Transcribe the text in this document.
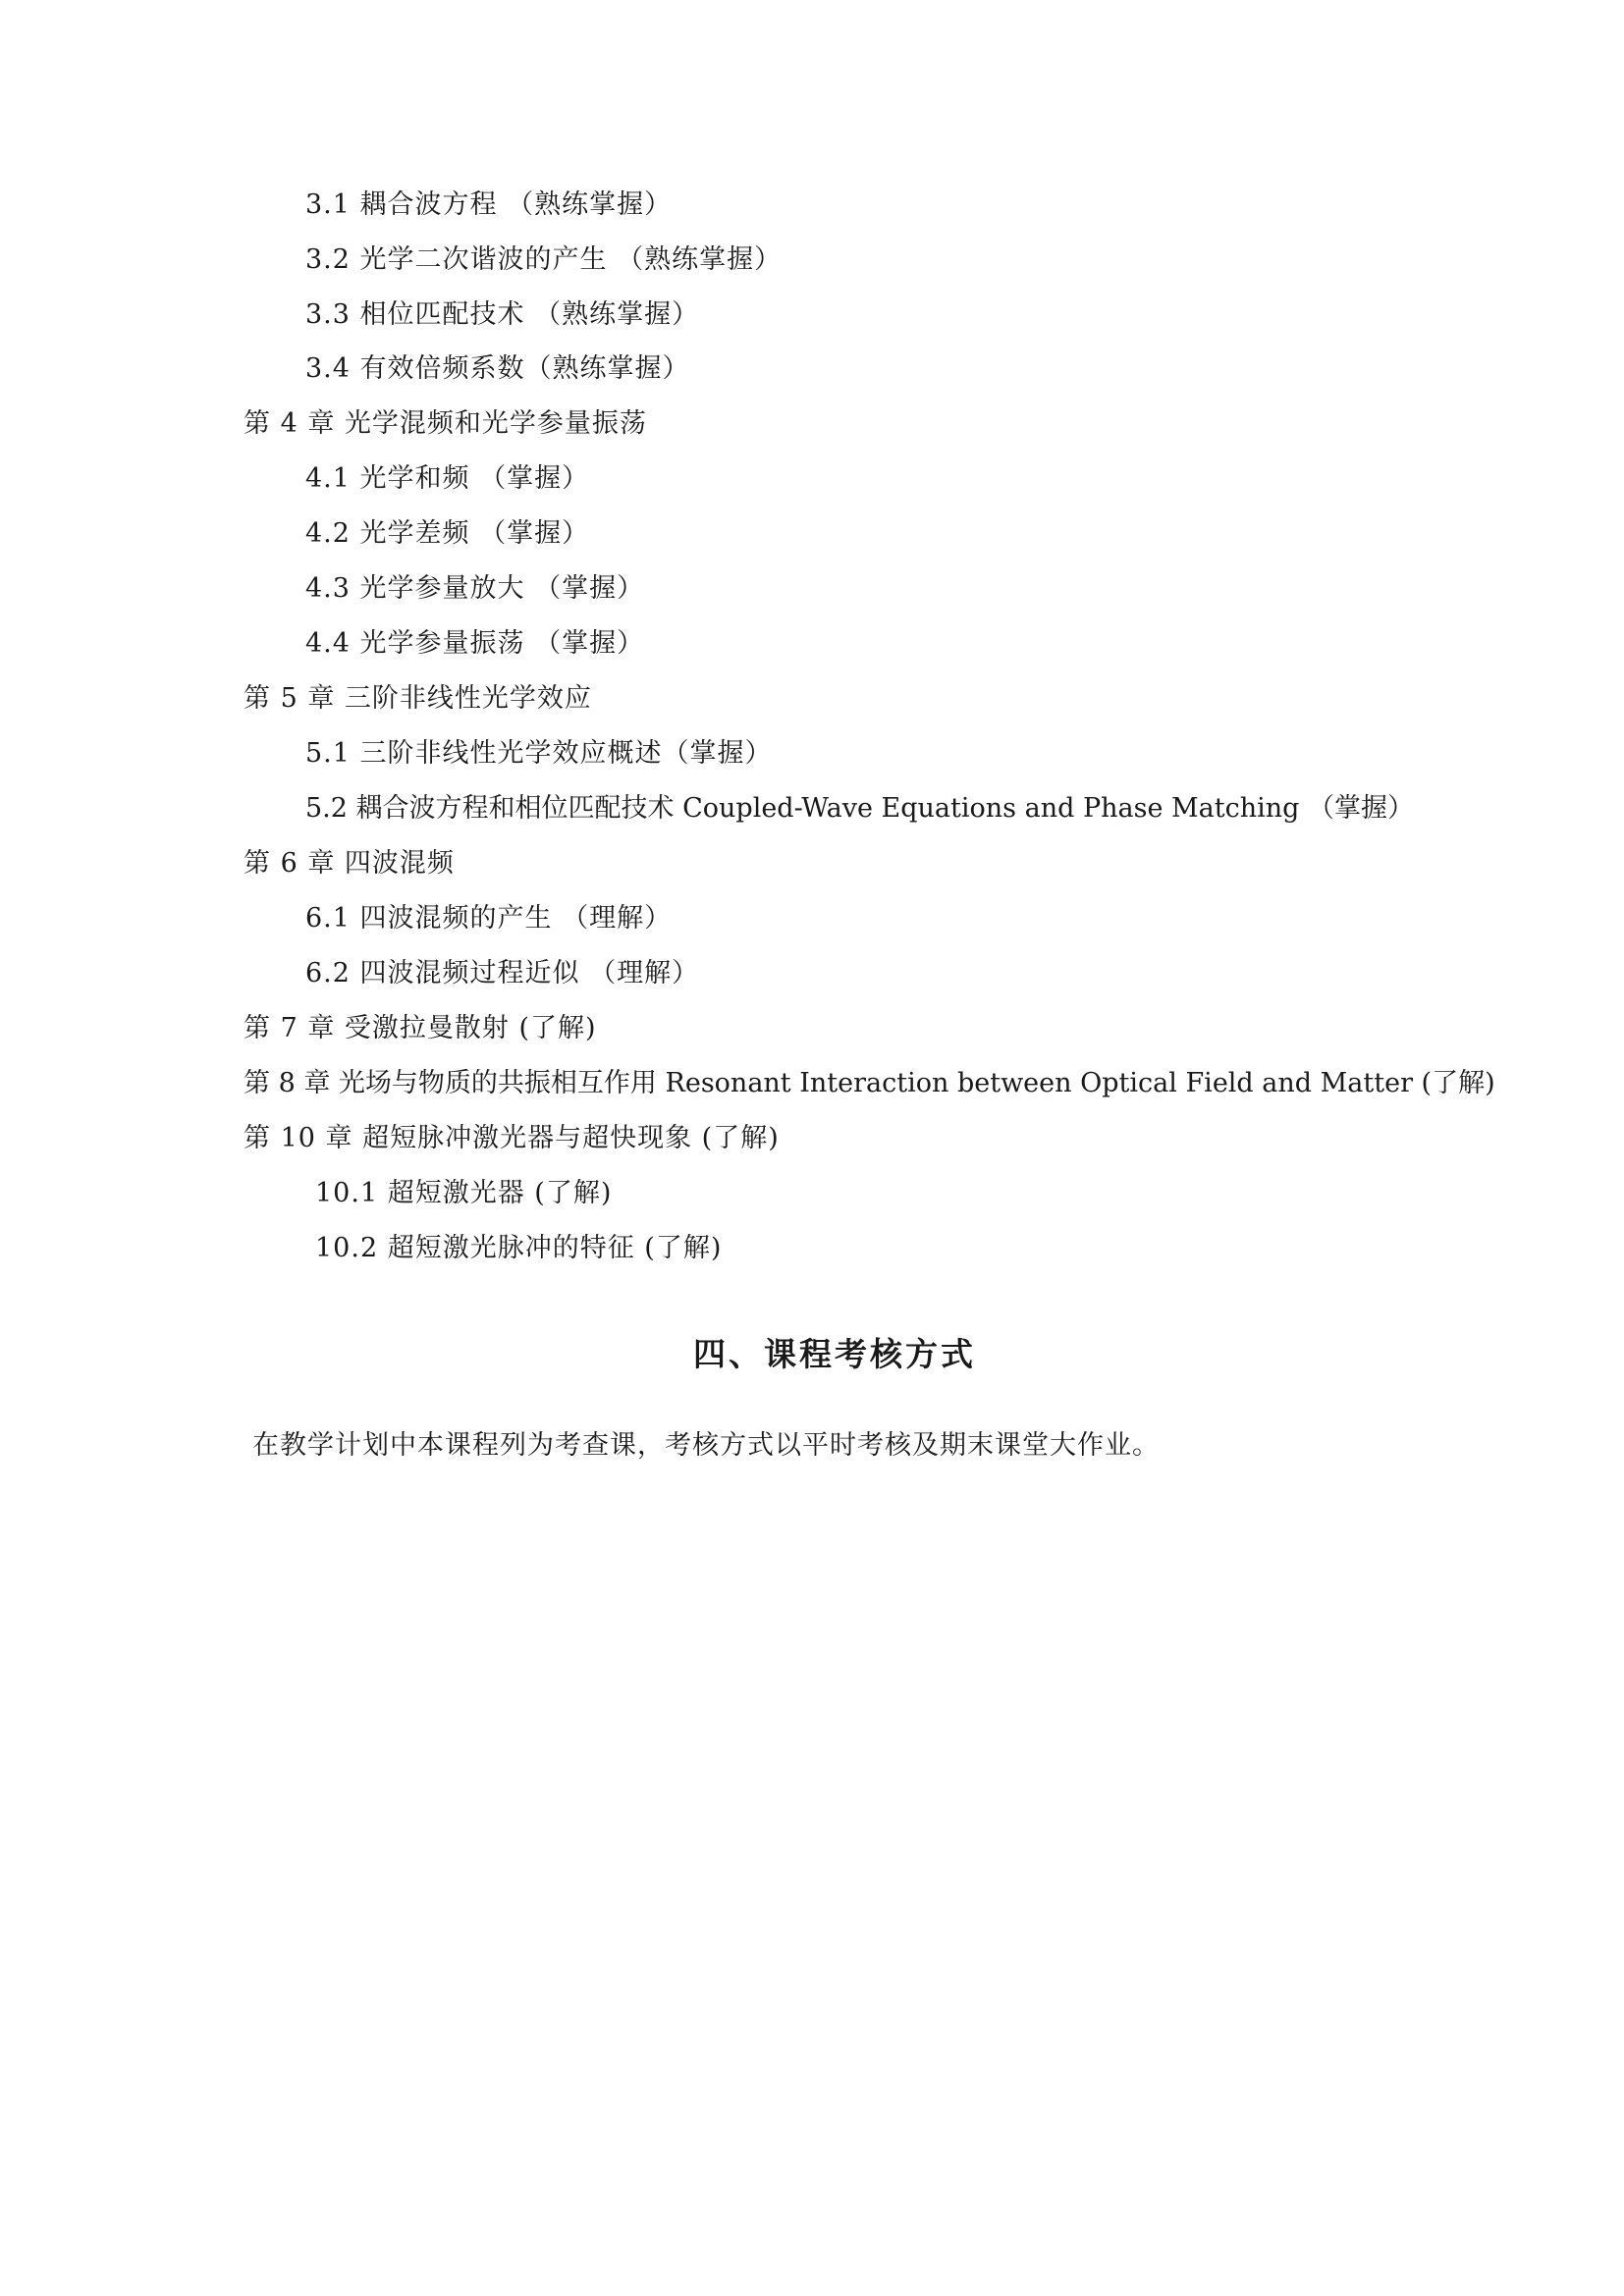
3.1 耦合波方程 （熟练掌握）
3.2 光学二次谐波的产生 （熟练掌握）
3.3 相位匹配技术 （熟练掌握）
3.4 有效倍频系数（熟练掌握）
第 4 章 光学混频和光学参量振荡
4.1 光学和频 （掌握）
4.2 光学差频 （掌握）
4.3 光学参量放大 （掌握）
4.4 光学参量振荡 （掌握）
第 5 章 三阶非线性光学效应
5.1 三阶非线性光学效应概述（掌握）
5.2 耦合波方程和相位匹配技术 Coupled-Wave Equations and Phase Matching （掌握）
第 6 章 四波混频
6.1 四波混频的产生 （理解）
6.2 四波混频过程近似 （理解）
第 7 章 受激拉曼散射 (了解)
第 8 章 光场与物质的共振相互作用 Resonant Interaction between Optical Field and Matter (了解)
第 10 章 超短脉冲激光器与超快现象 (了解)
10.1 超短激光器 (了解)
10.2 超短激光脉冲的特征 (了解)
四、课程考核方式
在教学计划中本课程列为考查课，考核方式以平时考核及期末课堂大作业。
